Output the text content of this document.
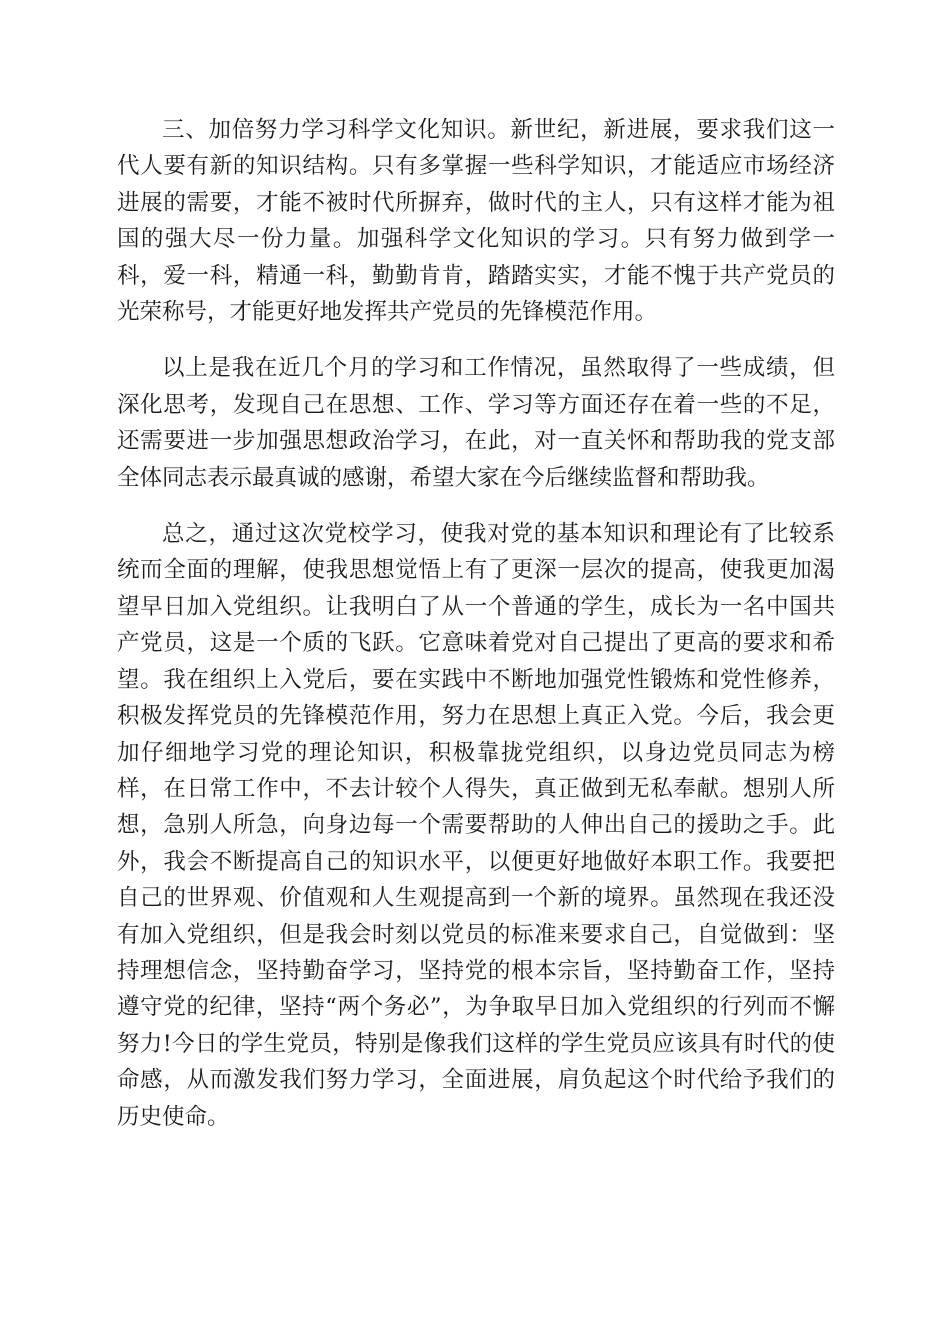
三、加倍努力学习科学文化知识。新世纪，新进展，要求我们这一代人要有新的知识结构。只有多掌握一些科学知识，才能适应市场经济进展的需要，才能不被时代所摒弃，做时代的主人，只有这样才能为祖国的强大尽一份力量。加强科学文化知识的学习。只有努力做到学一科，爱一科，精通一科，勤勤肯肯，踏踏实实，才能不愧于共产党员的光荣称号，才能更好地发挥共产党员的先锋模范作用。

以上是我在近几个月的学习和工作情况，虽然取得了一些成绩，但深化思考，发现自己在思想、工作、学习等方面还存在着一些的不足，还需要进一步加强思想政治学习，在此，对一直关怀和帮助我的党支部全体同志表示最真诚的感谢，希望大家在今后继续监督和帮助我。

总之，通过这次党校学习，使我对党的基本知识和理论有了比较系统而全面的理解，使我思想觉悟上有了更深一层次的提高，使我更加渴望早日加入党组织。让我明白了从一个普通的学生，成长为一名中国共产党员，这是一个质的飞跃。它意味着党对自己提出了更高的要求和希望。我在组织上入党后，要在实践中不断地加强党性锻炼和党性修养，积极发挥党员的先锋模范作用，努力在思想上真正入党。今后，我会更加仔细地学习党的理论知识，积极靠拢党组织，以身边党员同志为榜样，在日常工作中，不去计较个人得失，真正做到无私奉献。想别人所想，急别人所急，向身边每一个需要帮助的人伸出自己的援助之手。此外，我会不断提高自己的知识水平，以便更好地做好本职工作。我要把自己的世界观、价值观和人生观提高到一个新的境界。虽然现在我还没有加入党组织，但是我会时刻以党员的标准来要求自己，自觉做到：坚持理想信念，坚持勤奋学习，坚持党的根本宗旨，坚持勤奋工作，坚持遵守党的纪律，坚持“两个务必”，为争取早日加入党组织的行列而不懈努力!今日的学生党员，特别是像我们这样的学生党员应该具有时代的使命感，从而激发我们努力学习，全面进展，肩负起这个时代给予我们的历史使命。
